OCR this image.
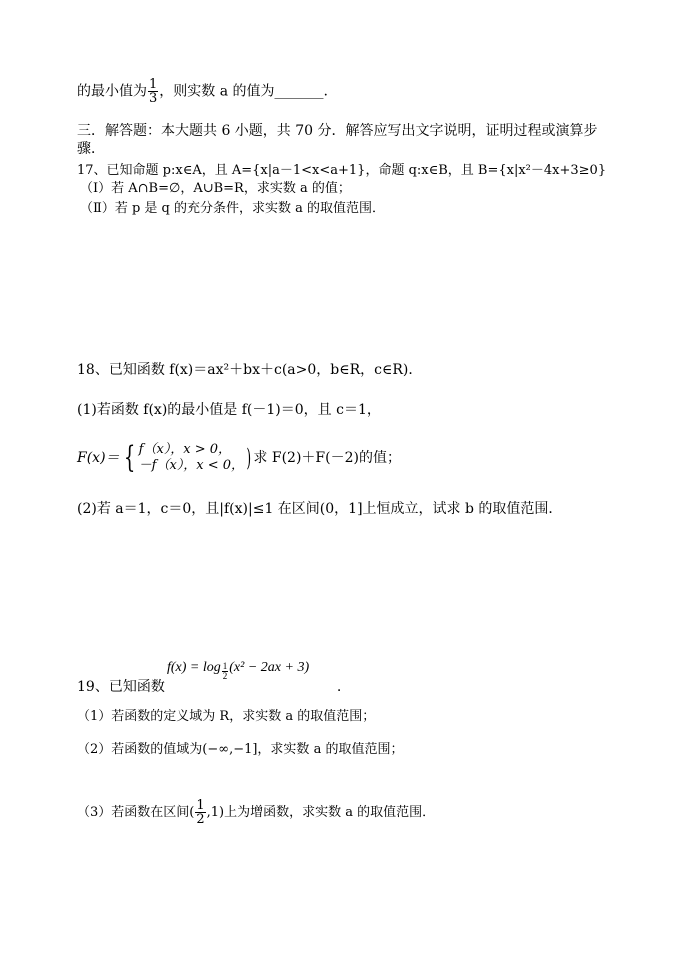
的最小值为 $\frac{1}{3}$ ，则实数 a 的值为_______.
三．解答题：本大题共 6 小题，共 70 分．解答应写出文字说明，证明过程或演算步
骤．
17、已知命题 p:x∈A，且 A={x|a－1<x<a+1}，命题 q:x∈B，且 B={x|x²－4x+3≥0}
（Ⅰ）若 A∩B=∅，A∪B=R，求实数 a 的值；
（Ⅱ）若 p 是 q 的充分条件，求实数 a 的取值范围．
18、已知函数 f(x)＝ax²＋bx＋c(a>0，b∈R，c∈R)．
(1)若函数 f(x)的最小值是 f(－1)＝0，且 c＝1，
F(x)＝ { f（x），x > 0，
－f（x），x < 0， ) 求 F(2)＋F(－2)的值；
(2)若 a＝1，c＝0，且|f(x)|≤1 在区间(0，1]上恒成立，试求 b 的取值范围．
$f(x) = \log \frac{1}{2} (x^2 - 2ax + 3)$
19、已知函数	.
（1）若函数的定义域为 R，求实数 a 的取值范围；
（2）若函数的值域为(−∞,−1]，求实数 a 的取值范围；
（3）若函数在区间( $\frac{1}{2} ,1$)上为增函数，求实数 a 的取值范围．
